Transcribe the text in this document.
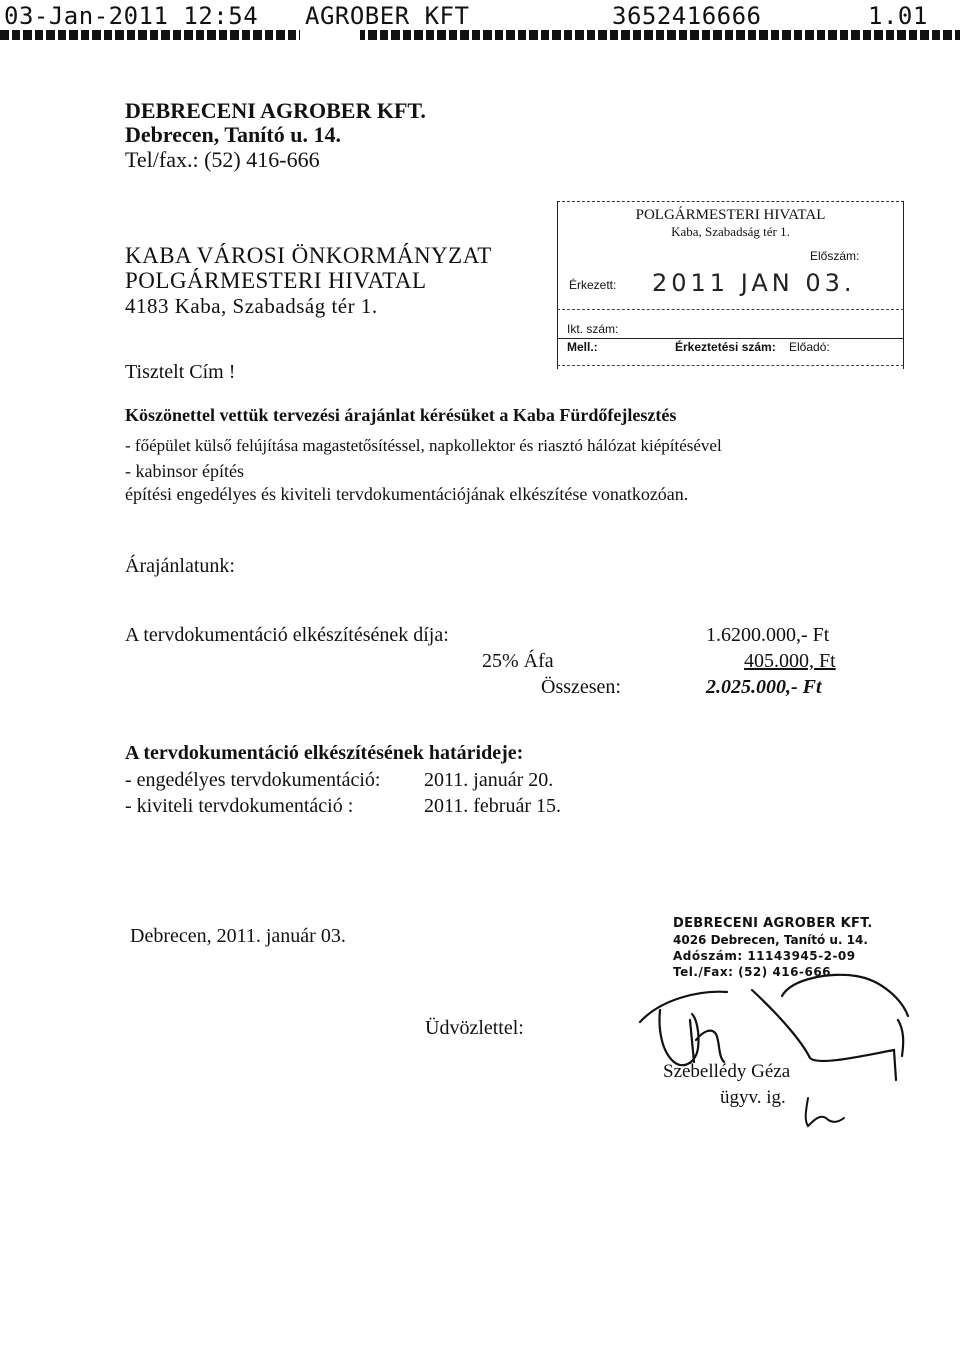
03-Jan-2011 12:54 AGROBER KFT	3652416666	1.01
DEBRECENI AGROBER KFT.
Debrecen, Tanító u. 14.
Tel/fax.: (52) 416-666
KABA VÁROSI ÖNKORMÁNYZAT
POLGÁRMESTERI HIVATAL
4183 Kaba, Szabadság tér 1.
POLGÁRMESTERI HIVATAL
Kaba, Szabadság tér 1.
Előszám:
Érkezett: 2011 JAN 03.
Ikt. szám:
Mell.:	Érkeztetési szám: Előadó:
Tisztelt Cím !
Köszönettel vettük tervezési árajánlat kérésüket a Kaba Fürdőfejlesztés
- főépület külső felújítása magastetősítéssel, napkollektor és riasztó hálózat kiépítésével
- kabinsor építés
építési engedélyes és kiviteli tervdokumentációjának elkészítése vonatkozóan.
Árajánlatunk:
A tervdokumentáció elkészítésének díja:	1.6200.000,- Ft
25% Áfa	405.000, Ft
Összesen:	2.025.000,- Ft
A tervdokumentáció elkészítésének határideje:
- engedélyes tervdokumentáció: 2011. január 20.
- kiviteli tervdokumentáció :	2011. február 15.
Debrecen, 2011. január 03.
Üdvözlettel:
DEBRECENI AGROBER KFT.
4026 Debrecen, Tanító u. 14.
Adószám: 11143945-2-09
Tel./Fax: (52) 416-666
Szebellédy Géza
ügyv. ig.
